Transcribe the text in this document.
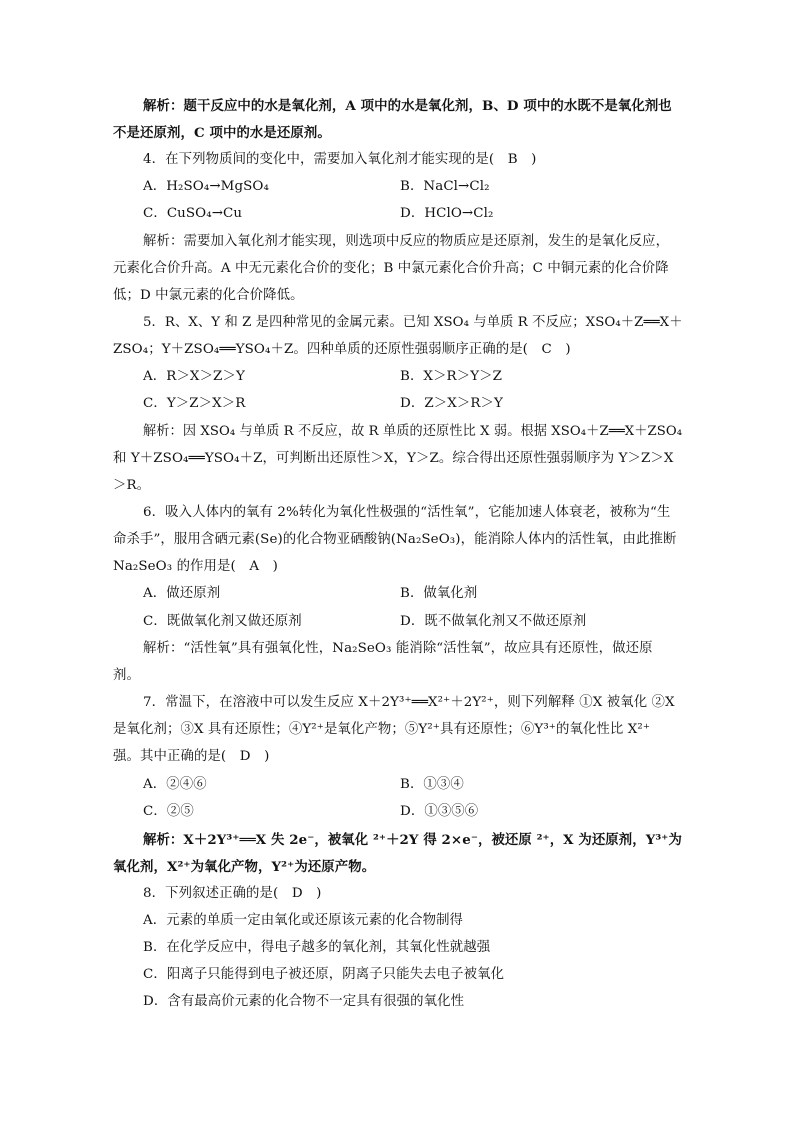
解析：题干反应中的水是氧化剂，A 项中的水是氧化剂，B、D 项中的水既不是氧化剂也
不是还原剂，C 项中的水是还原剂。
4．在下列物质间的变化中，需要加入氧化剂才能实现的是(　B　)
A．H₂SO₄→MgSO₄	B．NaCl→Cl₂
C．CuSO₄→Cu	D．HClO→Cl₂
解析：需要加入氧化剂才能实现，则选项中反应的物质应是还原剂，发生的是氧化反应，
元素化合价升高。A 中无元素化合价的变化；B 中氯元素化合价升高；C 中铜元素的化合价降
低；D 中氯元素的化合价降低。
5．R、X、Y 和 Z 是四种常见的金属元素。已知 XSO₄ 与单质 R 不反应；XSO₄＋Z══X＋
ZSO₄；Y＋ZSO₄══YSO₄＋Z。四种单质的还原性强弱顺序正确的是(　C　)
A．R＞X＞Z＞Y	B．X＞R＞Y＞Z
C．Y＞Z＞X＞R	D．Z＞X＞R＞Y
解析：因 XSO₄ 与单质 R 不反应，故 R 单质的还原性比 X 弱。根据 XSO₄＋Z══X＋ZSO₄
和 Y＋ZSO₄══YSO₄＋Z，可判断出还原性＞X，Y＞Z。综合得出还原性强弱顺序为 Y＞Z＞X
＞R。
6．吸入人体内的氧有 2%转化为氧化性极强的“活性氧”，它能加速人体衰老，被称为“生
命杀手”，服用含硒元素(Se)的化合物亚硒酸钠(Na₂SeO₃)，能消除人体内的活性氧，由此推断
Na₂SeO₃ 的作用是(　A　)
A．做还原剂	B．做氧化剂
C．既做氧化剂又做还原剂	D．既不做氧化剂又不做还原剂
解析：“活性氧”具有强氧化性，Na₂SeO₃ 能消除“活性氧”，故应具有还原性，做还原
剂。
7．常温下，在溶液中可以发生反应 X＋2Y³⁺══X²⁺＋2Y²⁺，则下列解释 ①X 被氧化 ②X
是氧化剂；③X 具有还原性；④Y²⁺是氧化产物；⑤Y²⁺具有还原性；⑥Y³⁺的氧化性比 X²⁺
强。其中正确的是(　D　)
A．②④⑥	B．①③④
C．②⑤	D．①③⑤⑥
解析：X＋2Y³⁺══X 失 2e⁻，被氧化 ²⁺＋2Y 得 2×e⁻，被还原 ²⁺，X 为还原剂，Y³⁺为
氧化剂，X²⁺为氧化产物，Y²⁺为还原产物。
8．下列叙述正确的是(　D　)
A．元素的单质一定由氧化或还原该元素的化合物制得
B．在化学反应中，得电子越多的氧化剂，其氧化性就越强
C．阳离子只能得到电子被还原，阴离子只能失去电子被氧化
D．含有最高价元素的化合物不一定具有很强的氧化性
